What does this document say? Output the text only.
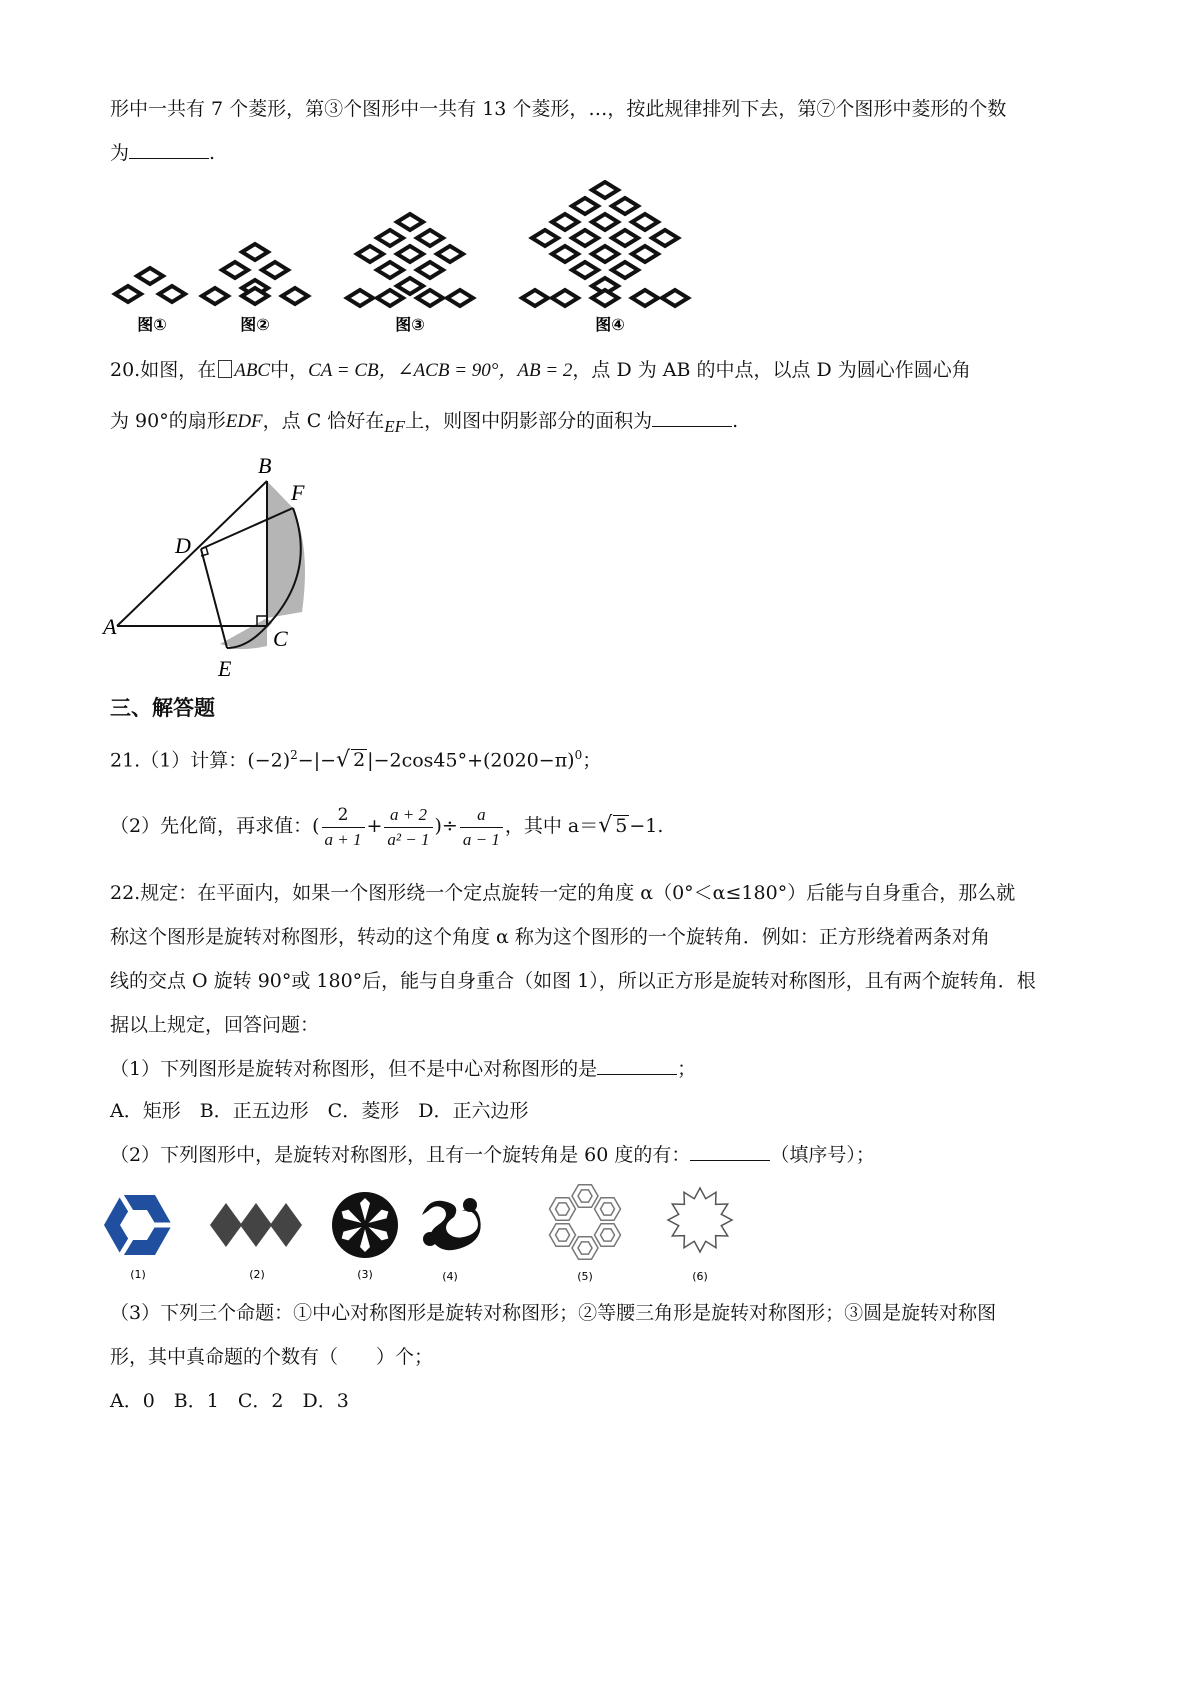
形中一共有 7 个菱形，第③个图形中一共有 13 个菱形，…，按此规律排列下去，第⑦个图形中菱形的个数
为	.
图①	图②	图③	图④
20.如图，在 ABC中，CA = CB，∠ACB = 90°，AB = 2，点 D 为 AB 的中点，以点 D 为圆心作圆心角
为 90°的扇形EDF，点 C 恰好在EF上，则图中阴影部分的面积为	.
A
B
C
D
E
F
三、解答题
21.（1）计算：$(-2)^2-|-√$ 2 $|-2\cos 45^\circ+(2020-\pi)^0$；
（2）先化简，再求值：( $\frac{2}{a + 1} + \frac{a + 2}{\text{a² − 1}}$ )÷ $\frac{a}{a - 1}$ ，其中 a＝√ 5 −1.
22.规定：在平面内，如果一个图形绕一个定点旋转一定的角度 α（0°＜α≤180°）后能与自身重合，那么就
称这个图形是旋转对称图形，转动的这个角度 α 称为这个图形的一个旋转角．例如：正方形绕着两条对角
线的交点 O 旋转 90°或 180°后，能与自身重合（如图 1），所以正方形是旋转对称图形，且有两个旋转角．根
据以上规定，回答问题：
（1）下列图形是旋转对称图形，但不是中心对称图形的是	；
A．矩形　B．正五边形　C．菱形　D．正六边形
（2）下列图形中，是旋转对称图形，且有一个旋转角是 60 度的有：	（填序号）；
(1)	(2)	(3)	(4)	(5)	(6)
（3）下列三个命题：①中心对称图形是旋转对称图形；②等腰三角形是旋转对称图形；③圆是旋转对称图
形，其中真命题的个数有（　　）个；
A．0　B．1　C．2　D．3
